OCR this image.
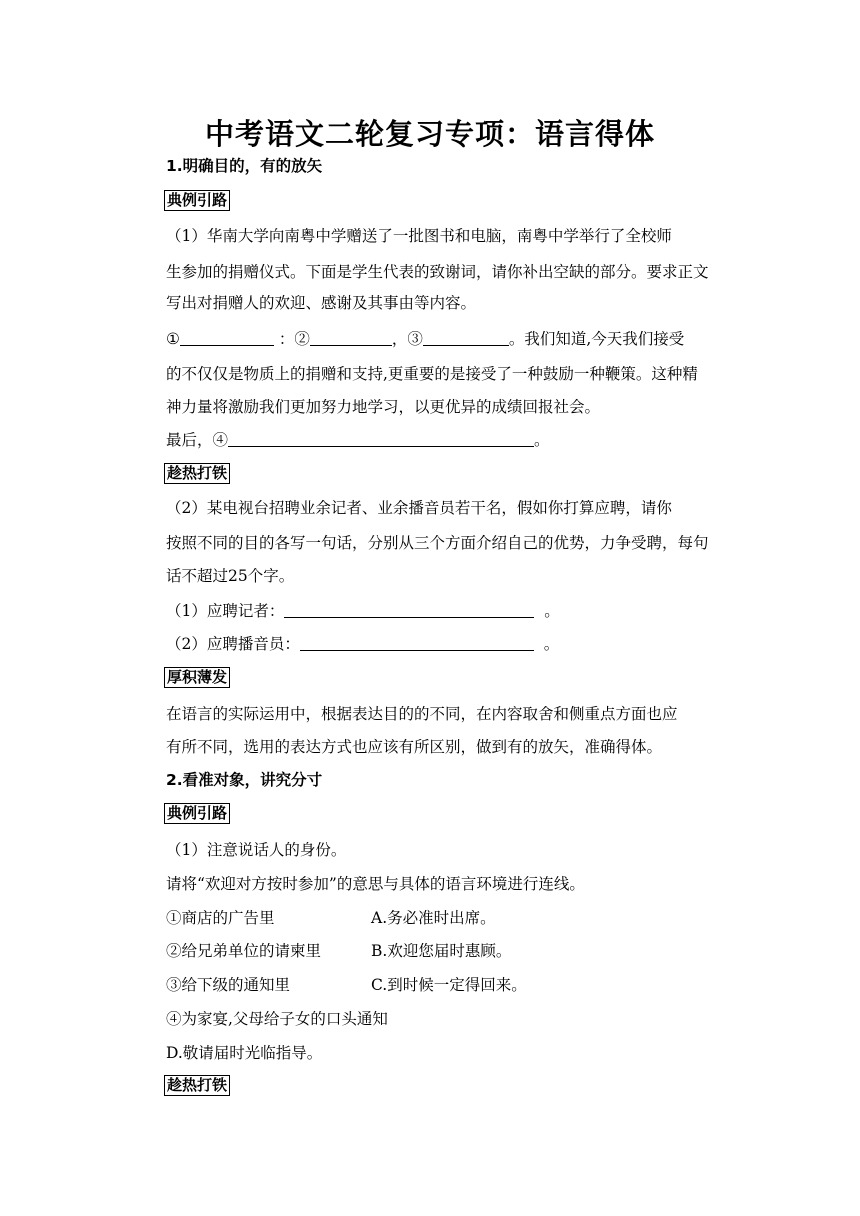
中考语文二轮复习专项：语言得体
1.明确目的，有的放矢
典例引路
（1）华南大学向南粤中学赠送了一批图书和电脑，南粤中学举行了全校师
生参加的捐赠仪式。下面是学生代表的致谢词，请你补出空缺的部分。要求正文
写出对捐赠人的欢迎、感谢及其事由等内容。
①	：②	，③	。我们知道,今天我们接受
的不仅仅是物质上的捐赠和支持,更重要的是接受了一种鼓励一种鞭策。这种精
神力量将激励我们更加努力地学习，以更优异的成绩回报社会。
最后，④	。
趁热打铁
（2）某电视台招聘业余记者、业余播音员若干名，假如你打算应聘，请你
按照不同的目的各写一句话，分别从三个方面介绍自己的优势，力争受聘，每句
话不超过25个字。
（1）应聘记者：	。
（2）应聘播音员：	。
厚积薄发
在语言的实际运用中，根据表达目的的不同，在内容取舍和侧重点方面也应
有所不同，选用的表达方式也应该有所区别，做到有的放矢，准确得体。
2.看准对象，讲究分寸
典例引路
（1）注意说话人的身份。
请将“欢迎对方按时参加”的意思与具体的语言环境进行连线。
①商店的广告里	A.务必准时出席。
②给兄弟单位的请柬里	B.欢迎您届时惠顾。
③给下级的通知里	C.到时候一定得回来。
④为家宴,父母给子女的口头通知
D.敬请届时光临指导。
趁热打铁
